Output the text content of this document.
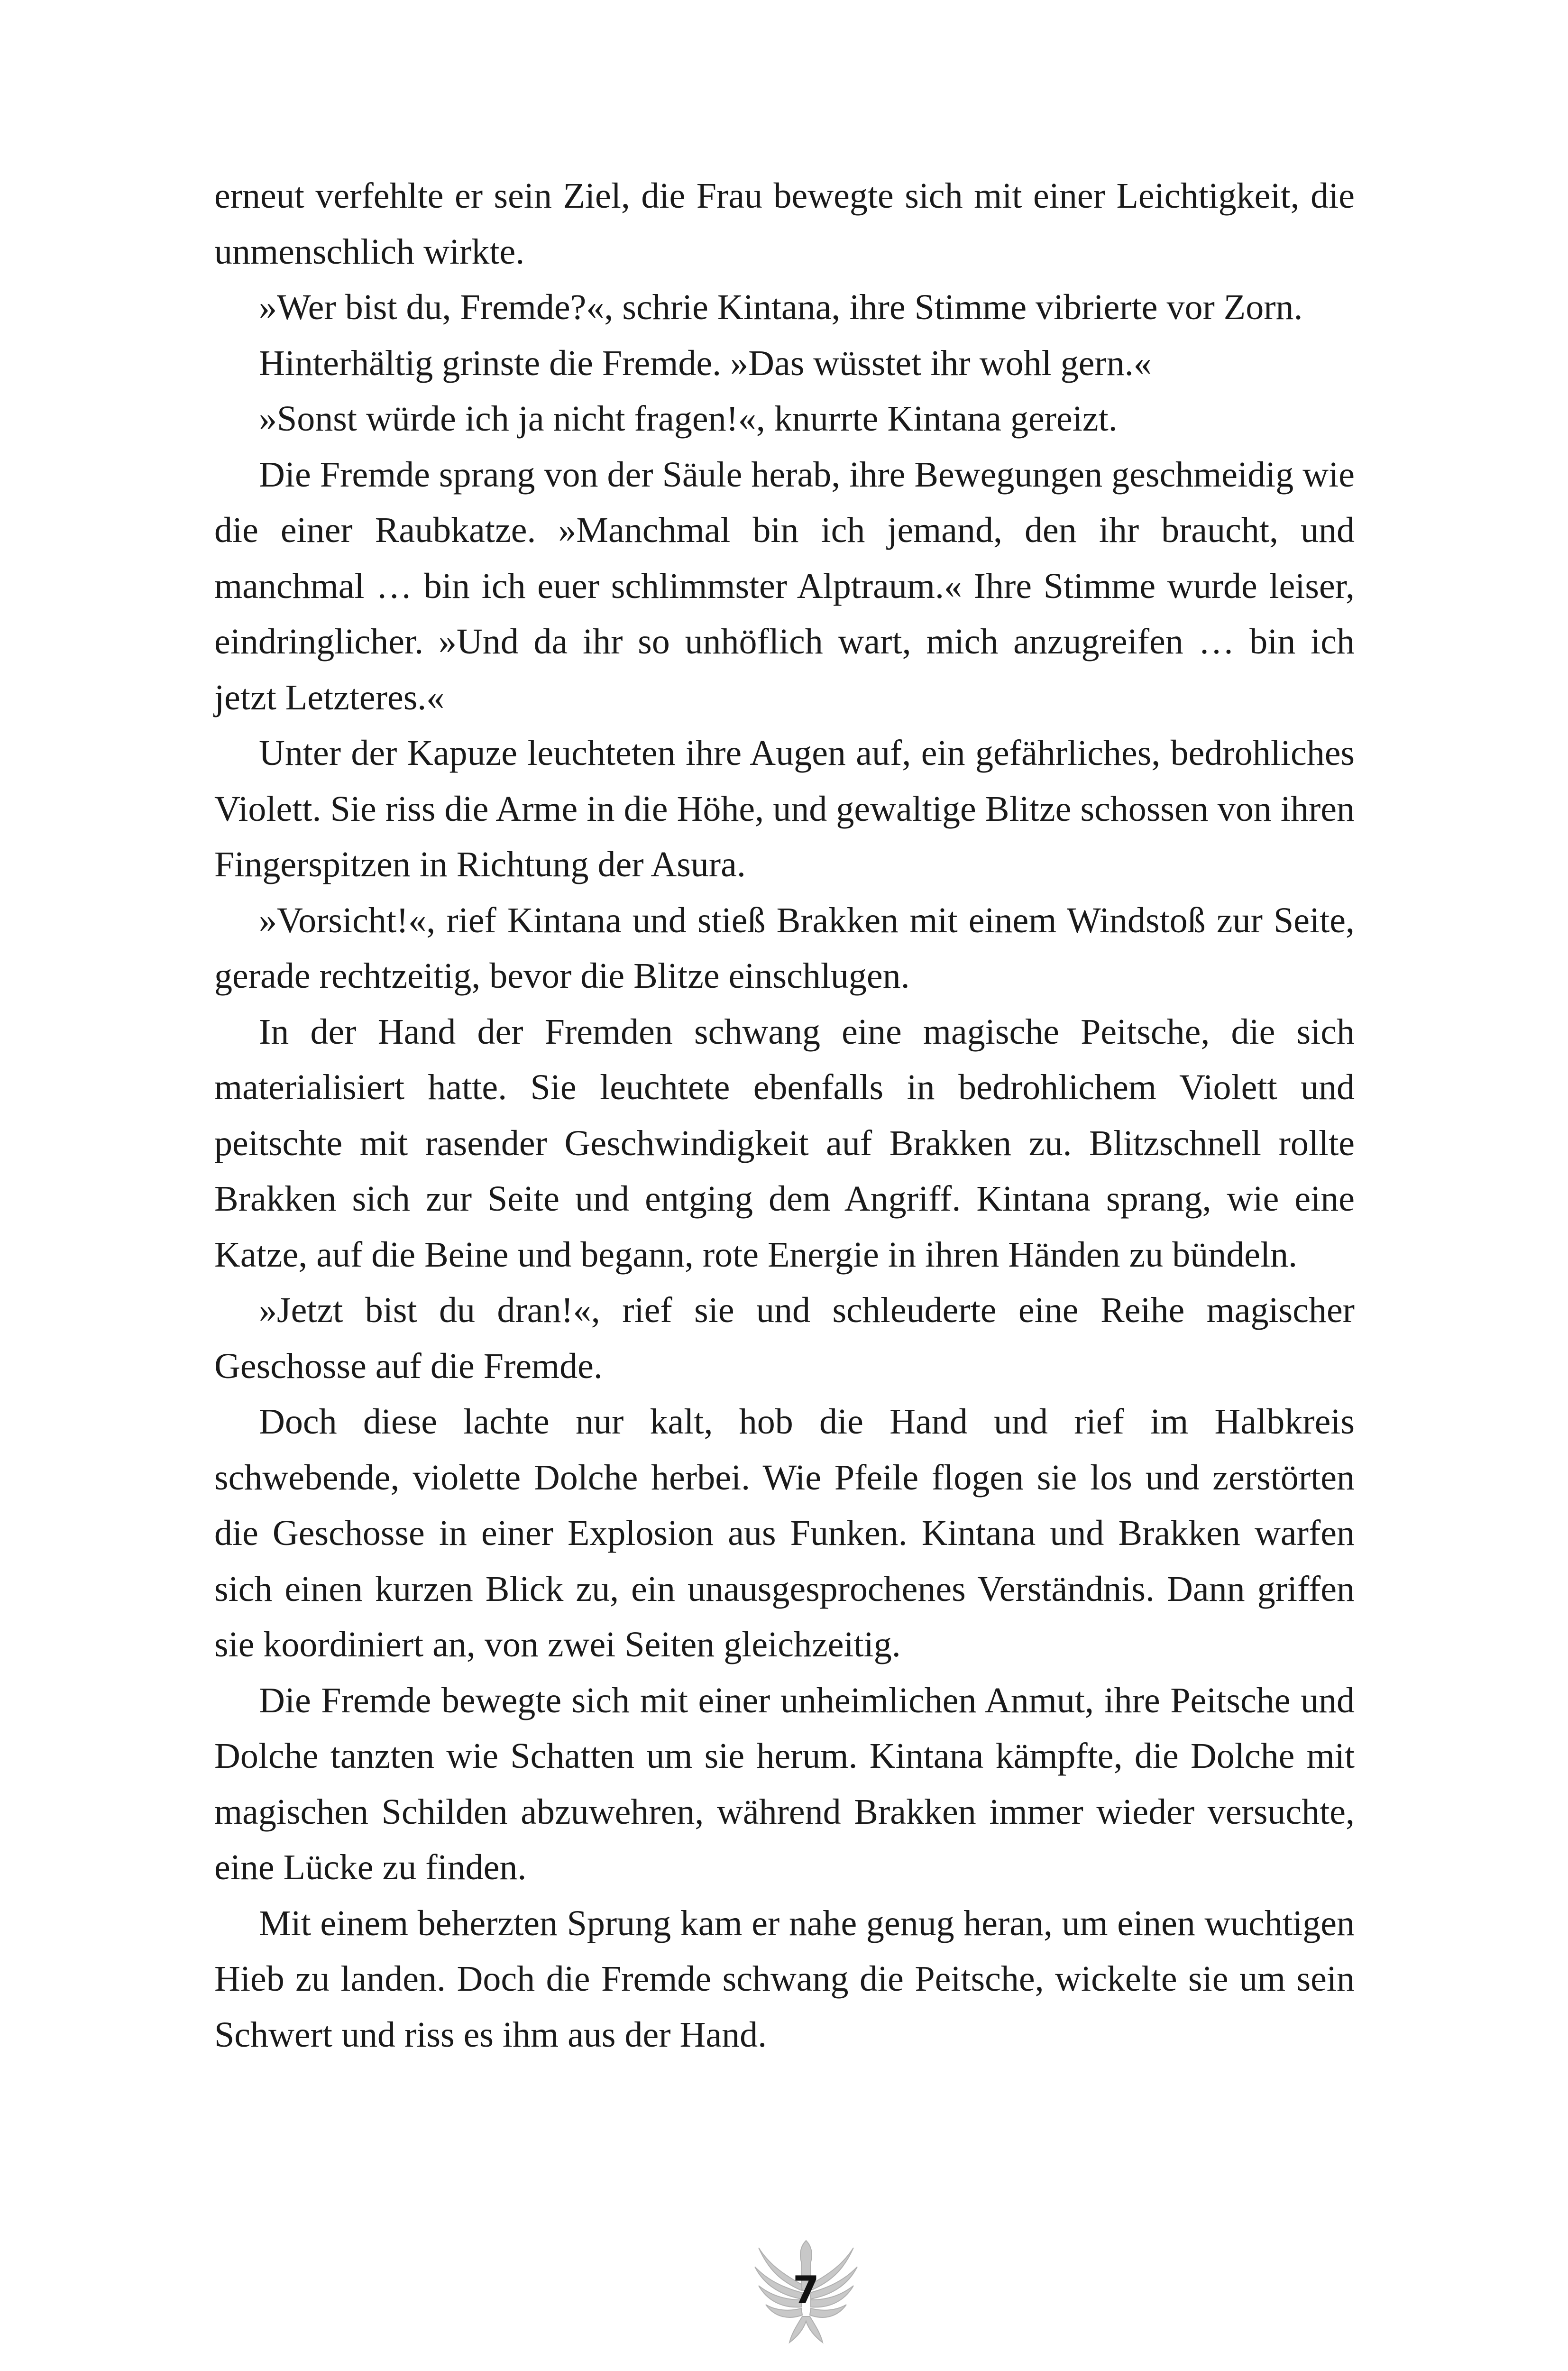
erneut verfehlte er sein Ziel, die Frau bewegte sich mit einer Leichtigkeit, die unmenschlich wirkte.

»Wer bist du, Fremde?«, schrie Kintana, ihre Stimme vibrierte vor Zorn.

Hinterhältig grinste die Fremde. »Das wüsstet ihr wohl gern.«

»Sonst würde ich ja nicht fragen!«, knurrte Kintana gereizt.

Die Fremde sprang von der Säule herab, ihre Bewegungen geschmeidig wie die einer Raubkatze. »Manchmal bin ich jemand, den ihr braucht, und manchmal … bin ich euer schlimmster Alptraum.« Ihre Stimme wurde leiser, eindringlicher. »Und da ihr so unhöflich wart, mich anzugreifen … bin ich jetzt Letzteres.«

Unter der Kapuze leuchteten ihre Augen auf, ein gefährliches, bedrohliches Violett. Sie riss die Arme in die Höhe, und gewaltige Blitze schossen von ihren Fingerspitzen in Richtung der Asura.

»Vorsicht!«, rief Kintana und stieß Brakken mit einem Windstoß zur Seite, gerade rechtzeitig, bevor die Blitze einschlugen.

In der Hand der Fremden schwang eine magische Peitsche, die sich materialisiert hatte. Sie leuchtete ebenfalls in bedrohlichem Violett und peitschte mit rasender Geschwindigkeit auf Brakken zu. Blitzschnell rollte Brakken sich zur Seite und entging dem Angriff. Kintana sprang, wie eine Katze, auf die Beine und begann, rote Energie in ihren Händen zu bündeln.

»Jetzt bist du dran!«, rief sie und schleuderte eine Reihe magischer Geschosse auf die Fremde.

Doch diese lachte nur kalt, hob die Hand und rief im Halbkreis schwebende, violette Dolche herbei. Wie Pfeile flogen sie los und zerstörten die Geschosse in einer Explosion aus Funken. Kintana und Brakken warfen sich einen kurzen Blick zu, ein unausgesprochenes Verständnis. Dann griffen sie koordiniert an, von zwei Seiten gleichzeitig.

Die Fremde bewegte sich mit einer unheimlichen Anmut, ihre Peitsche und Dolche tanzten wie Schatten um sie herum. Kintana kämpfte, die Dolche mit magischen Schilden abzuwehren, während Brakken immer wieder versuchte, eine Lücke zu finden.

Mit einem beherzten Sprung kam er nahe genug heran, um einen wuchtigen Hieb zu landen. Doch die Fremde schwang die Peitsche, wickelte sie um sein Schwert und riss es ihm aus der Hand.

7
